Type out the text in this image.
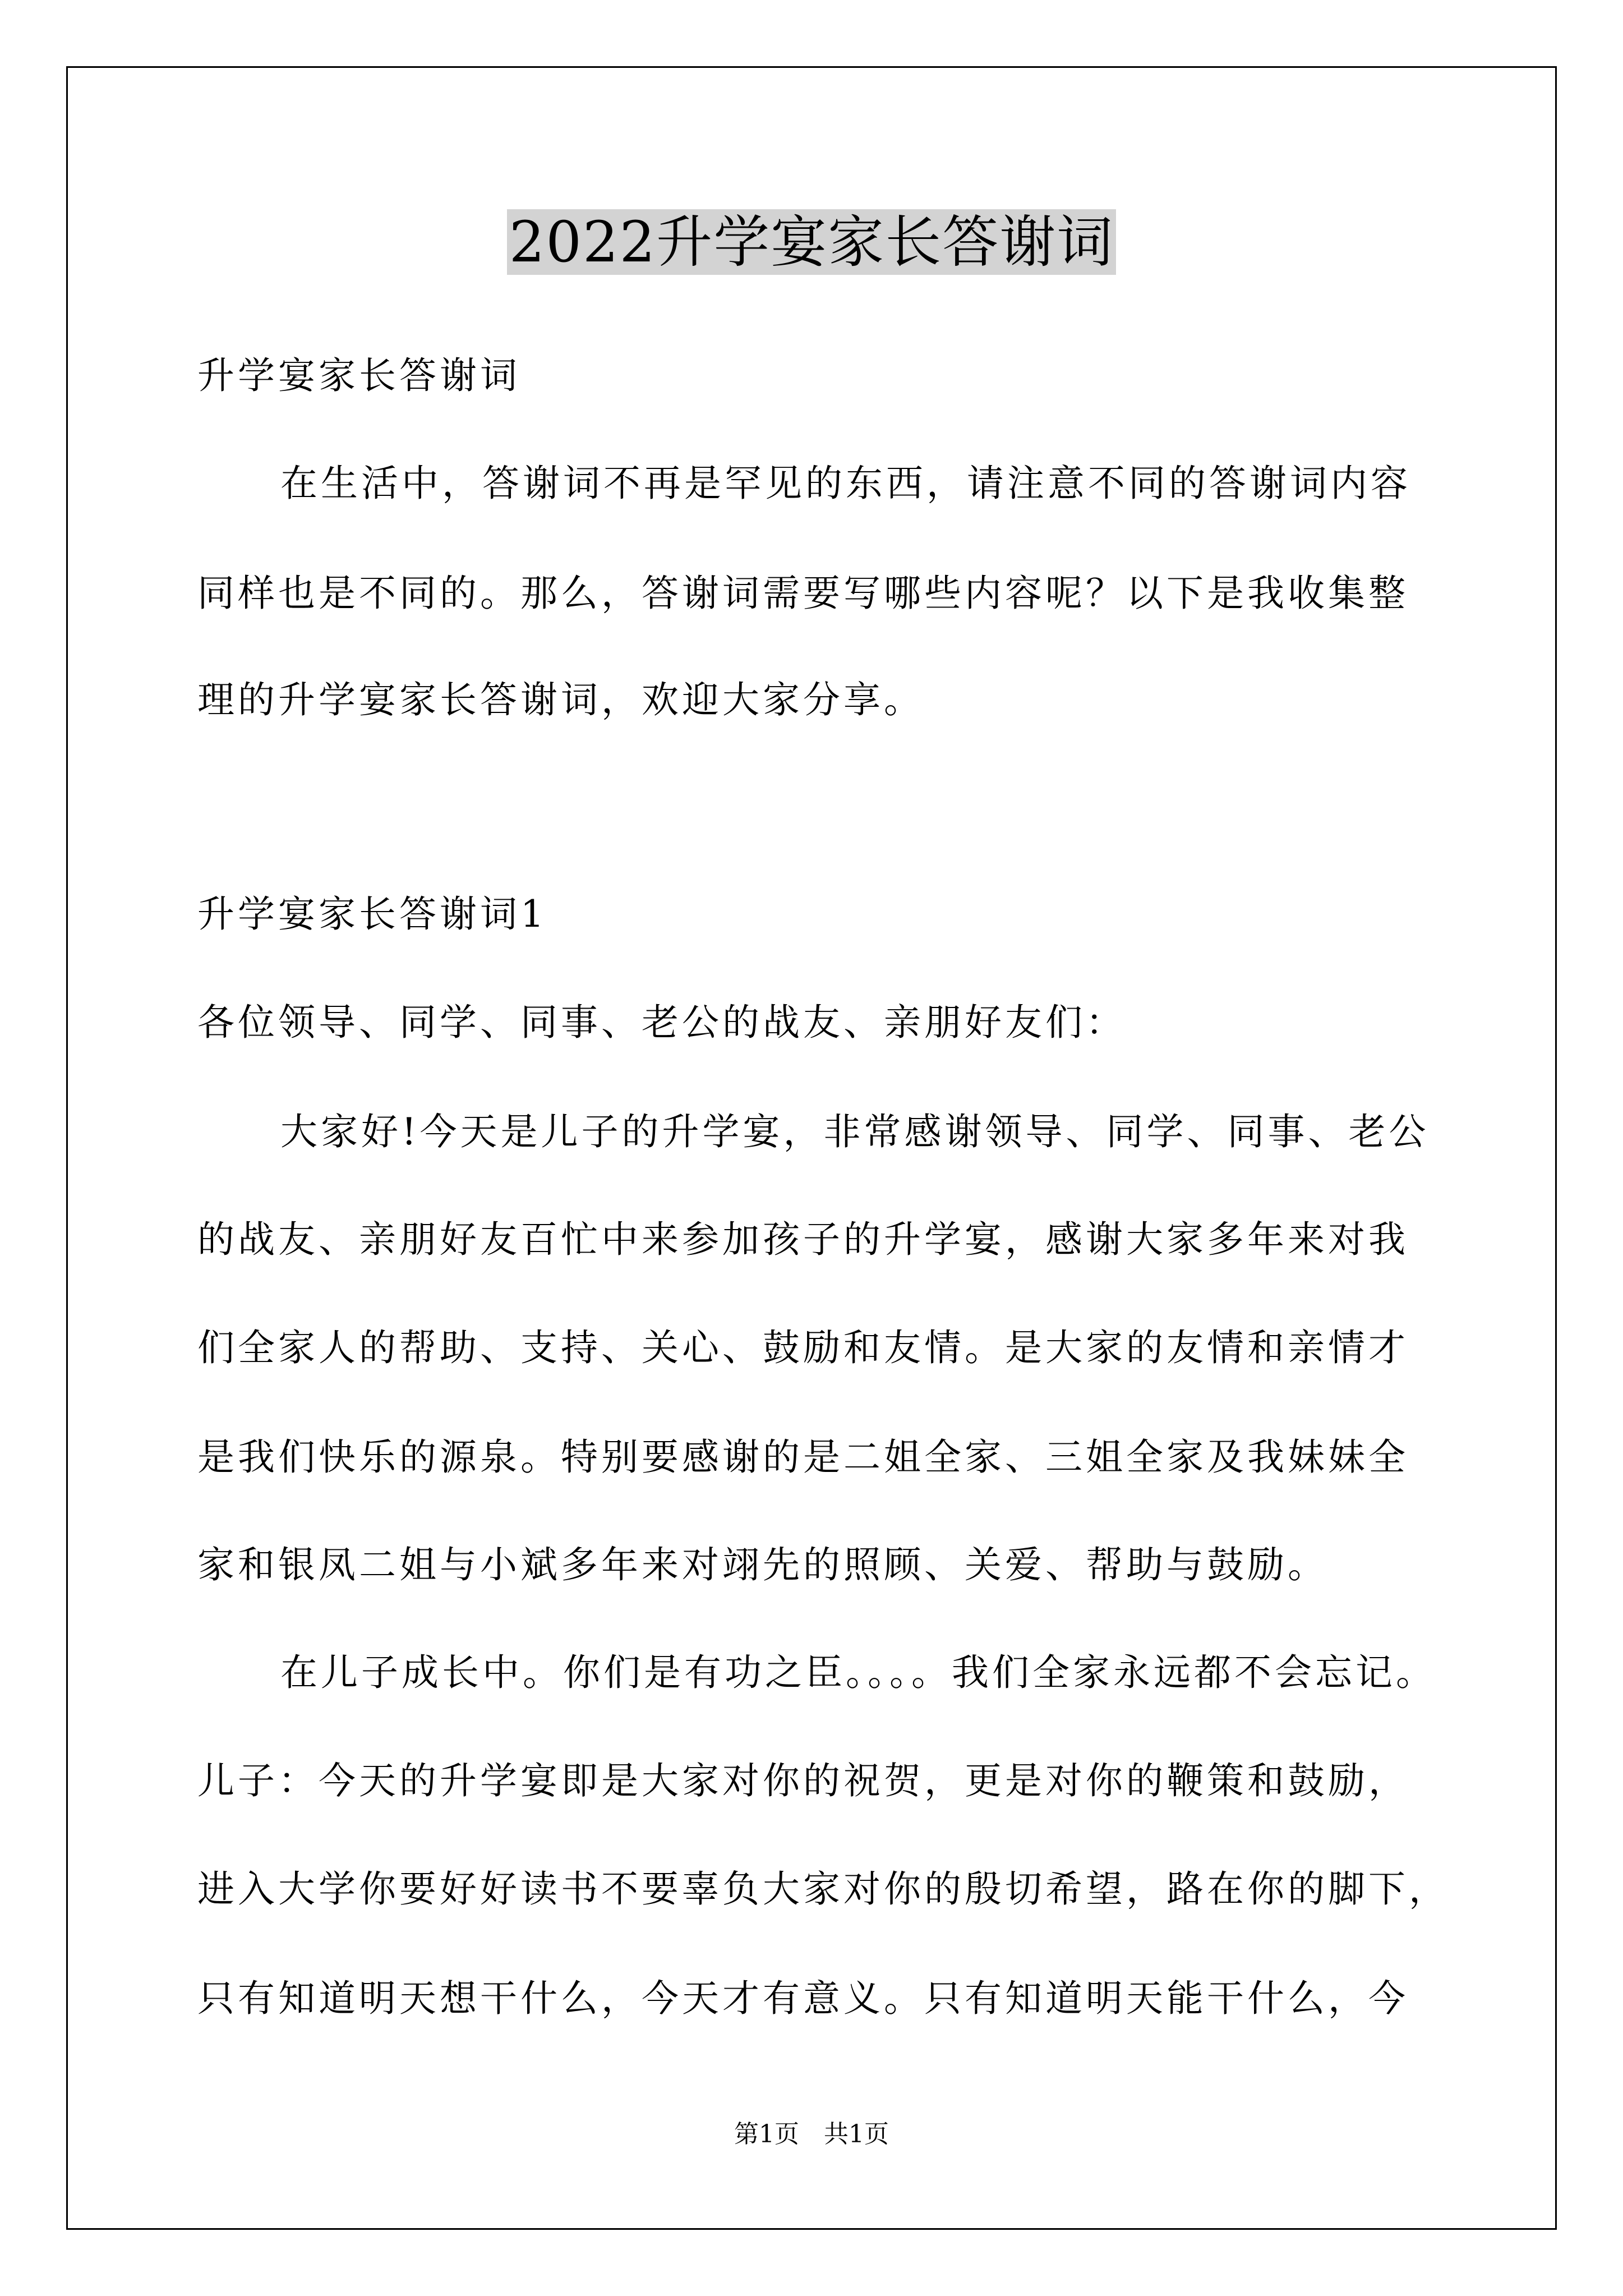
2022升学宴家长答谢词
升学宴家长答谢词
在生活中，答谢词不再是罕见的东西，请注意不同的答谢词内容
同样也是不同的。那么，答谢词需要写哪些内容呢？以下是我收集整
理的升学宴家长答谢词，欢迎大家分享。
升学宴家长答谢词1
各位领导、同学、同事、老公的战友、亲朋好友们：
大家好!今天是儿子的升学宴，非常感谢领导、同学、同事、老公
的战友、亲朋好友百忙中来参加孩子的升学宴，感谢大家多年来对我
们全家人的帮助、支持、关心、鼓励和友情。是大家的友情和亲情才
是我们快乐的源泉。特别要感谢的是二姐全家、三姐全家及我妹妹全
家和银凤二姐与小斌多年来对翊先的照顾、关爱、帮助与鼓励。
在儿子成长中。你们是有功之臣。。。。我们全家永远都不会忘记。
儿子：今天的升学宴即是大家对你的祝贺，更是对你的鞭策和鼓励，
进入大学你要好好读书不要辜负大家对你的殷切希望，路在你的脚下，
只有知道明天想干什么，今天才有意义。只有知道明天能干什么，今
第1页　共1页
